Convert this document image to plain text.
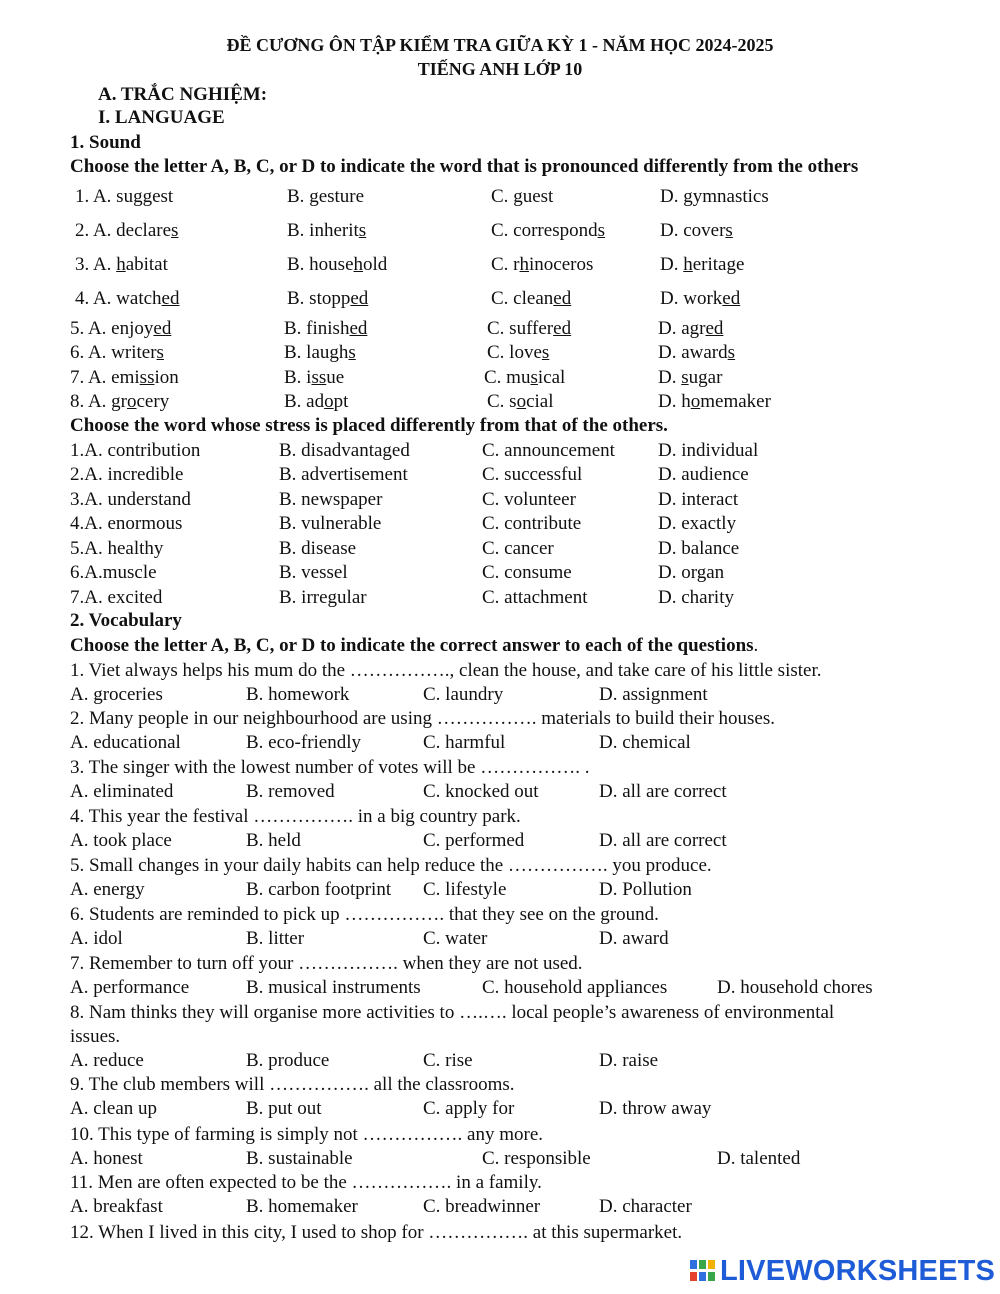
ĐỀ CƯƠNG ÔN TẬP KIỂM TRA GIỮA KỲ 1 - NĂM HỌC 2024-2025
TIẾNG ANH LỚP 10
A. TRẮC NGHIỆM:
I. LANGUAGE
1. Sound
Choose the letter A, B, C, or D to indicate the word that is pronounced differently from the others
1. A. suggest	B. gesture	C. guest	D. gymnastics
2. A. declares	B. inherits	C. corresponds	D. covers
3. A. habitat	B. household	C. rhinoceros	D. heritage
4. A. watched	B. stopped	C. cleaned	D. worked
5. A. enjoyed	B. finished	C. suffered	D. agred
6. A. writers	B. laughs	C. loves	D. awards
7. A. emission	B. issue	C. musical	D. sugar
8. A. grocery	B. adopt	C. social	D. homemaker
Choose the word whose stress is placed differently from that of the others.
1.A. contribution	B. disadvantaged	C. announcement D. individual
2.A. incredible	B. advertisement	C. successful	D. audience
3.A. understand	B. newspaper	C. volunteer	D. interact
4.A. enormous	B. vulnerable	C. contribute	D. exactly
5.A. healthy	B. disease	C. cancer	D. balance
6.A.muscle	B. vessel	C. consume	D. organ
7.A. excited	B. irregular	C. attachment	D. charity
2. Vocabulary
Choose the letter A, B, C, or D to indicate the correct answer to each of the questions.
1. Viet always helps his mum do the ……………., clean the house, and take care of his little sister.
A. groceries	B. homework	C. laundry	D. assignment
2. Many people in our neighbourhood are using ……………. materials to build their houses.
A. educational	B. eco-friendly	C. harmful	D. chemical
3. The singer with the lowest number of votes will be ……………. .
A. eliminated	B. removed	C. knocked out	D. all are correct
4. This year the festival ……………. in a big country park.
A. took place	B. held	C. performed	D. all are correct
5. Small changes in your daily habits can help reduce the ……………. you produce.
A. energy	B. carbon footprint C. lifestyle	D. Pollution
6. Students are reminded to pick up ……………. that they see on the ground.
A. idol	B. litter	C. water	D. award
7. Remember to turn off your ……………. when they are not used.
A. performance	B. musical instruments	C. household appliances	D. household chores
8. Nam thinks they will organise more activities to ….…. local people’s awareness of environmental
issues.
A. reduce	B. produce	C. rise	D. raise
9. The club members will ……………. all the classrooms.
A. clean up	B. put out	C. apply for	D. throw away
10. This type of farming is simply not ……………. any more.
A. honest	B. sustainable	C. responsible	D. talented
11. Men are often expected to be the ……………. in a family.
A. breakfast	B. homemaker	C. breadwinner	D. character
12. When I lived in this city, I used to shop for ……………. at this supermarket.
LIVEWORKSHEETS
